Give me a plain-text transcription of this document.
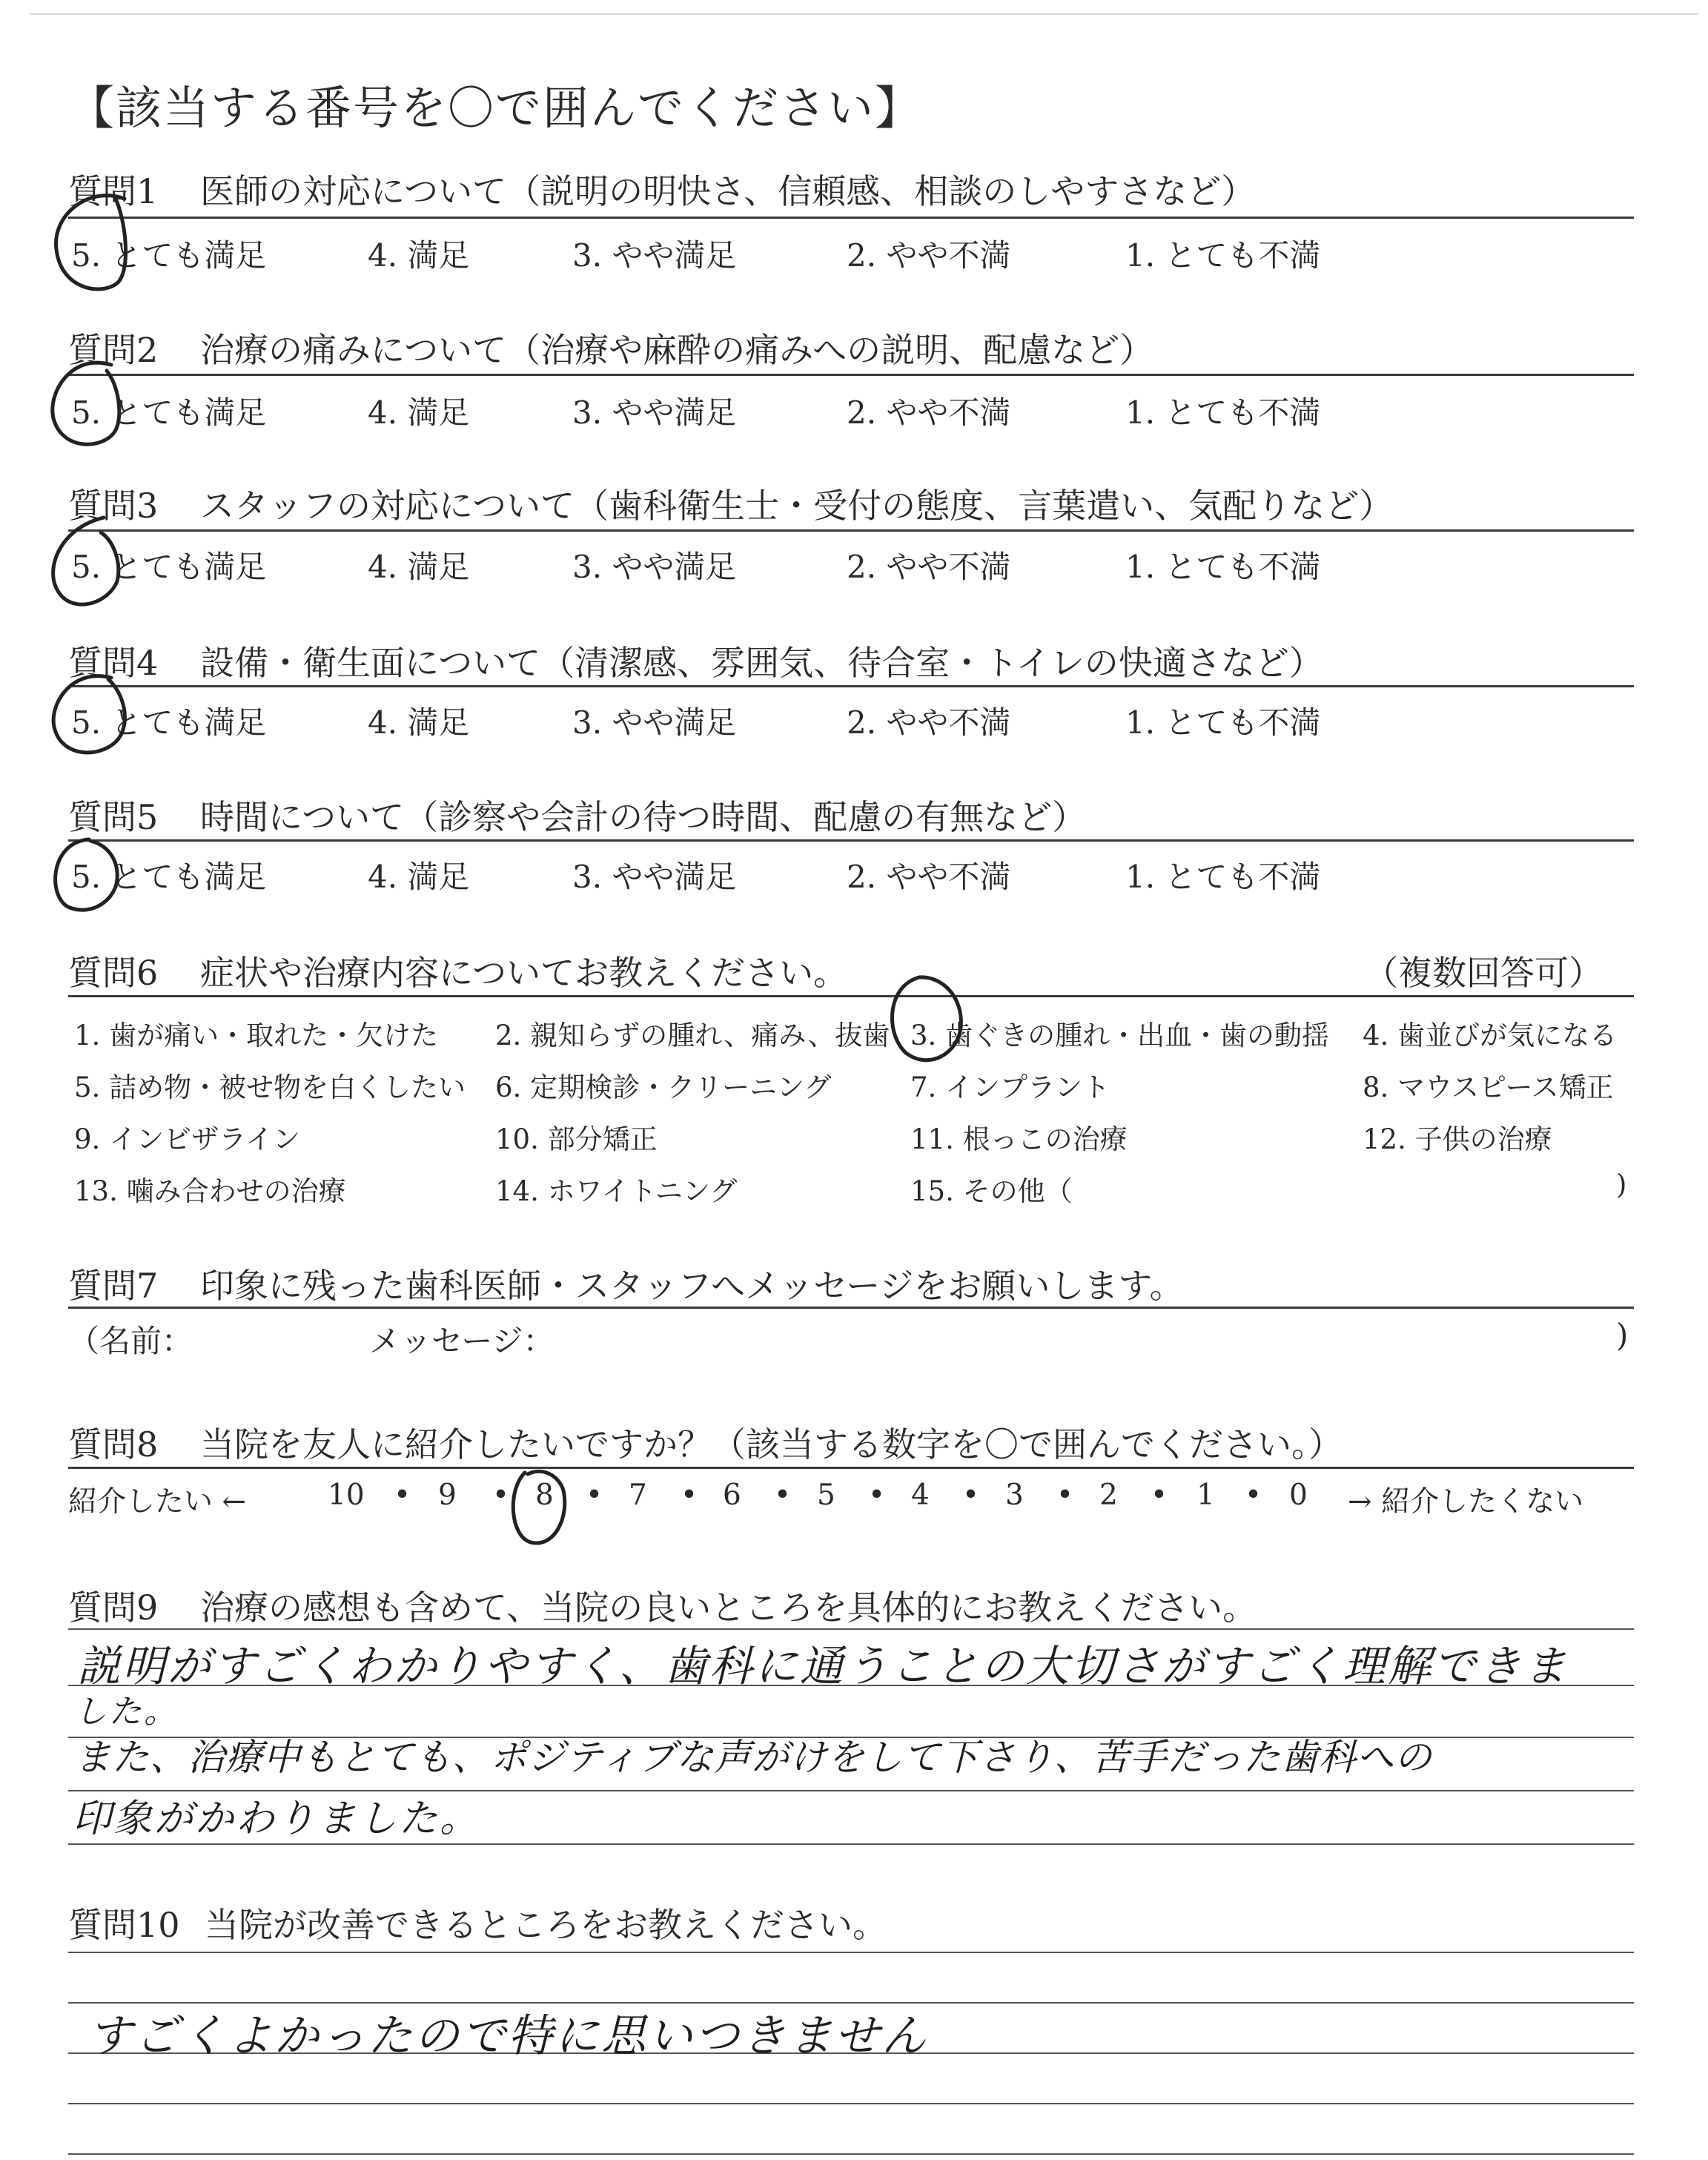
【該当する番号を〇で囲んでください】
質問1 医師の対応について（説明の明快さ、信頼感、相談のしやすさなど）
5. とても満足	4. 満足	3. やや満足	2. やや不満	1. とても不満
質問2 治療の痛みについて（治療や麻酔の痛みへの説明、配慮など）
5. とても満足	4. 満足	3. やや満足	2. やや不満	1. とても不満
質問3 スタッフの対応について（歯科衛生士・受付の態度、言葉遣い、気配りなど）
5. とても満足	4. 満足	3. やや満足	2. やや不満	1. とても不満
質問4 設備・衛生面について（清潔感、雰囲気、待合室・トイレの快適さなど）
5. とても満足	4. 満足	3. やや満足	2. やや不満	1. とても不満
質問5 時間について（診察や会計の待つ時間、配慮の有無など）
5. とても満足	4. 満足	3. やや満足	2. やや不満	1. とても不満
質問6 症状や治療内容についてお教えください。	（複数回答可）
1. 歯が痛い・取れた・欠けた 2. 親知らずの腫れ、痛み、抜歯 3. 歯ぐきの腫れ・出血・歯の動揺 4. 歯並びが気になる
5. 詰め物・被せ物を白くしたい 6. 定期検診・クリーニング	7. インプラント	8. マウスピース矯正
9. インビザライン	10. 部分矯正	11. 根っこの治療	12. 子供の治療
13. 噛み合わせの治療	14. ホワイトニング	15. その他（	)
質問7 印象に残った歯科医師・スタッフへメッセージをお願いします。
（名前：	メッセージ：	)
質問8 当院を友人に紹介したいですか？（該当する数字を〇で囲んでください。）
紹介したい ←	10	9	8	7	6	5	4	3	2	1	0 → 紹介したくない
•	•	•	•	•	•	•	•	•	•
質問9 治療の感想も含めて、当院の良いところを具体的にお教えください。
説明がすごくわかりやすく、歯科に通うことの大切さがすごく理解できま
した。
また、治療中もとても、ポジティブな声がけをして下さり、苦手だった歯科への
印象がかわりました。
質問10 当院が改善できるところをお教えください。
すごくよかったので特に思いつきません
